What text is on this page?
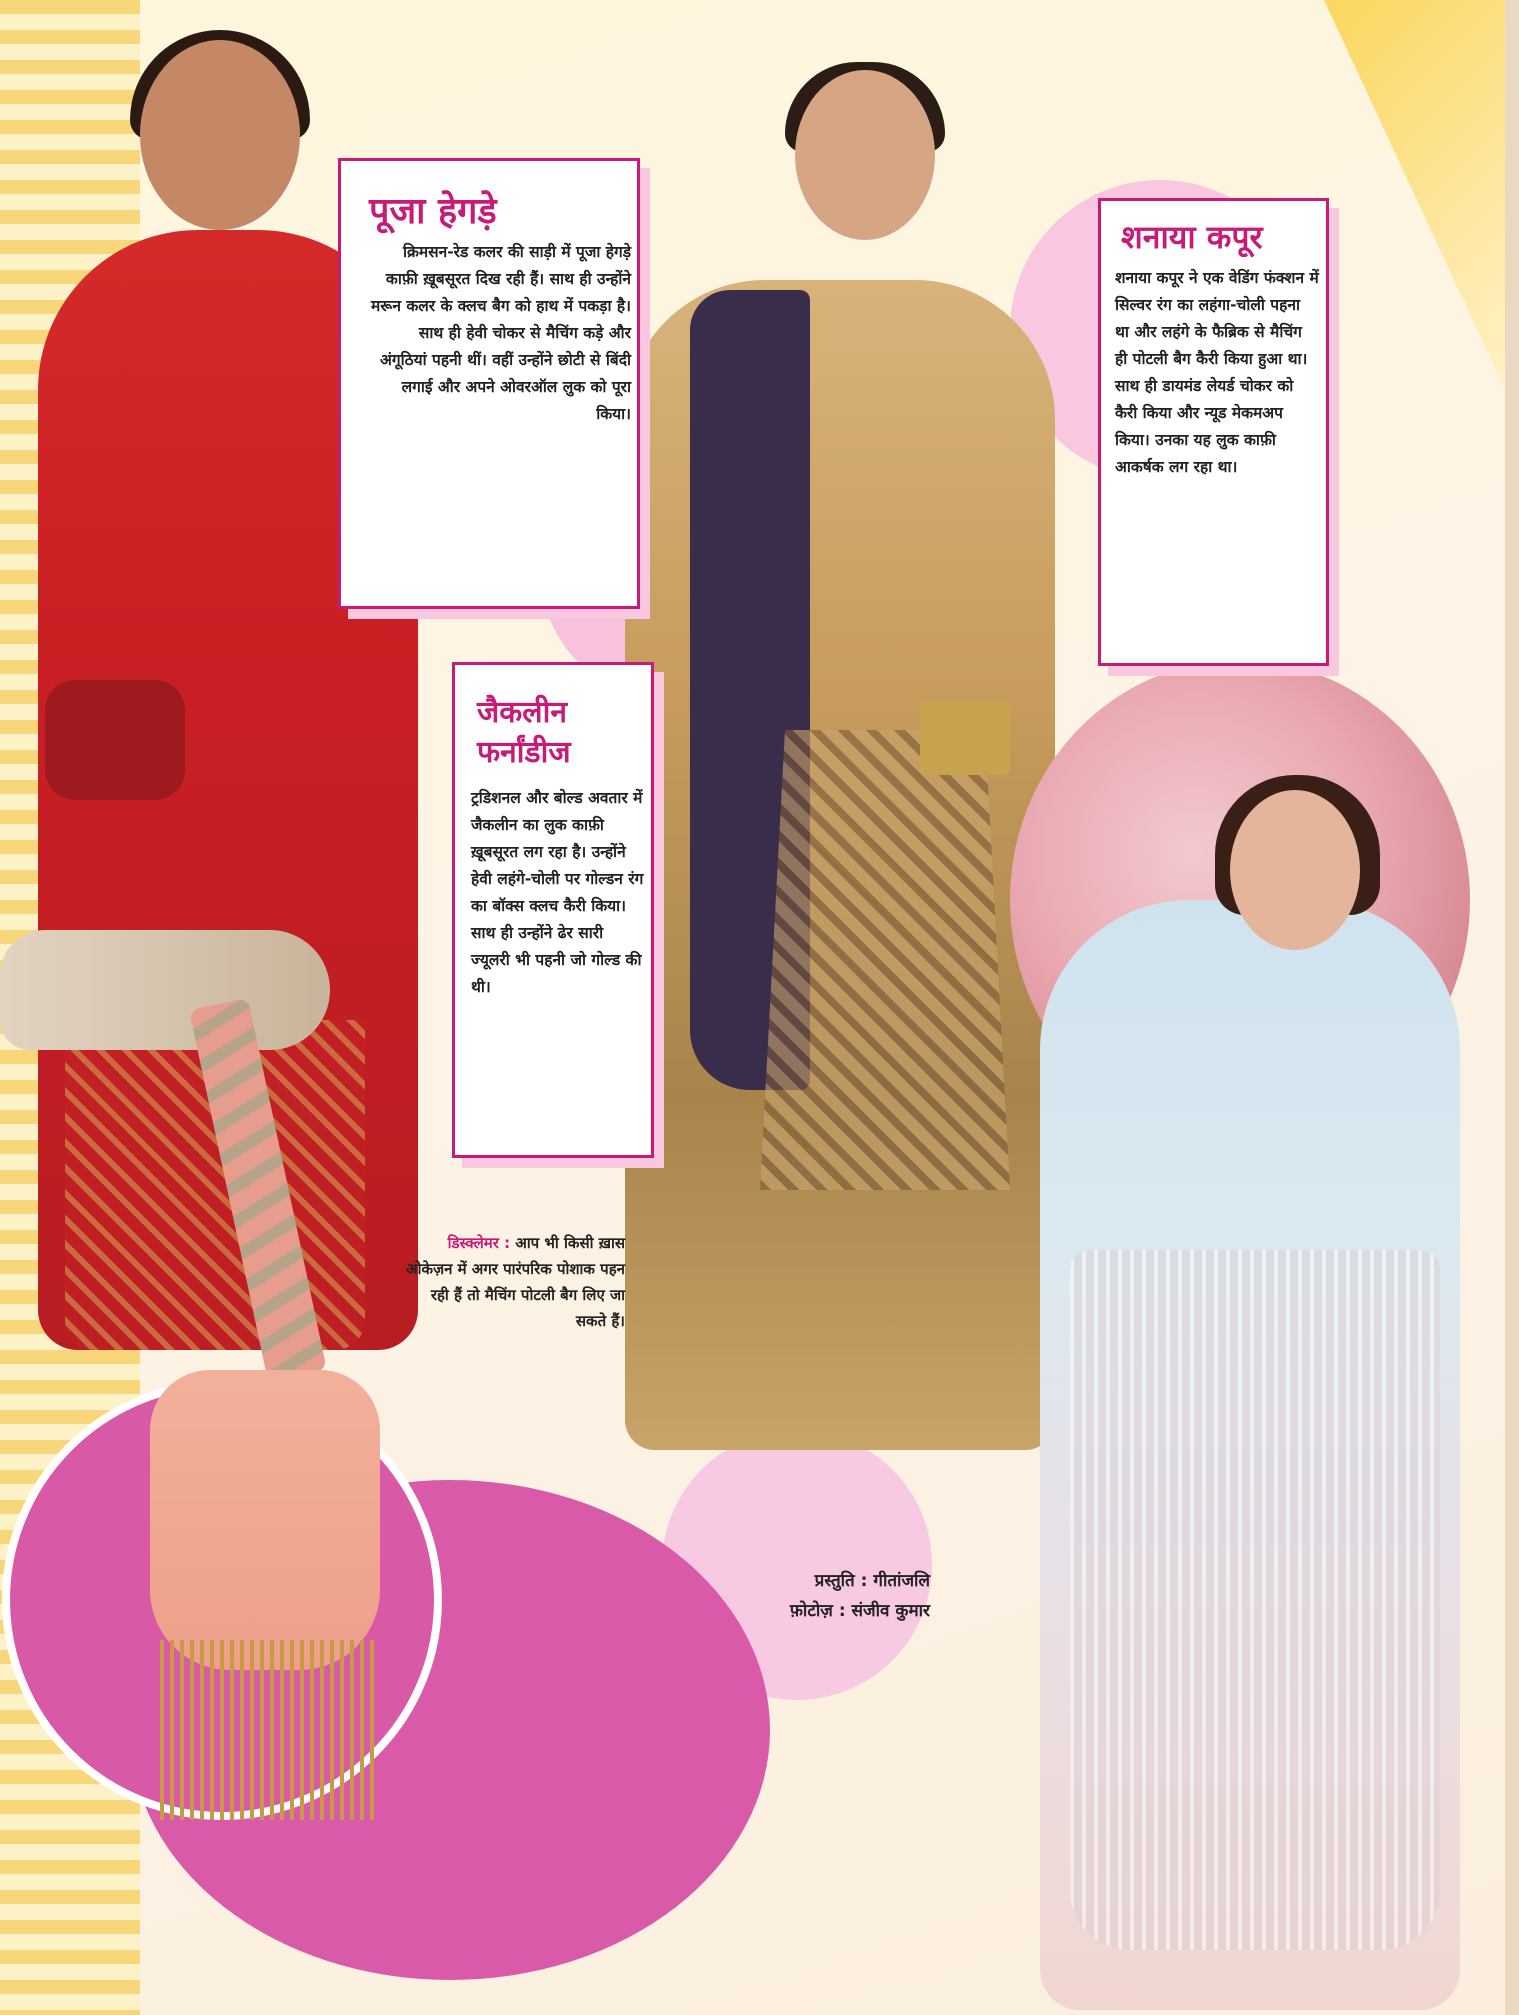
पूजा हेगड़े

क्रिमसन-रेड कलर की साड़ी में पूजा हेगड़े काफ़ी ख़ूबसूरत दिख रही हैं। साथ ही उन्होंने मरून कलर के क्लच बैग को हाथ में पकड़ा है। साथ ही हेवी चोकर से मैचिंग कड़े और अंगूठियां पहनी थीं। वहीं उन्होंने छोटी से बिंदी लगाई और अपने ओवरऑल लुक को पूरा किया।

जैकलीन फर्नांडीज

ट्रडिशनल और बोल्ड अवतार में जैकलीन का लुक काफ़ी ख़ूबसूरत लग रहा है। उन्होंने हेवी लहंगे-चोली पर गोल्डन रंग का बॉक्स क्लच कैरी किया। साथ ही उन्होंने ढेर सारी ज्यूलरी भी पहनी जो गोल्ड की थी।

शनाया कपूर

शनाया कपूर ने एक वेडिंग फंक्शन में सिल्वर रंग का लहंगा-चोली पहना था और लहंगे के फैब्रिक से मैचिंग ही पोटली बैग कैरी किया हुआ था। साथ ही डायमंड लेयर्ड चोकर को कैरी किया और न्यूड मेकमअप किया। उनका यह लुक काफ़ी आकर्षक लग रहा था।

डिस्क्लेमर : आप भी किसी ख़ास ओकेज़न में अगर पारंपरिक पोशाक पहन रही हैं तो मैचिंग पोटली बैग लिए जा सकते हैं।
प्रस्तुति : गीतांजलि
फ़ोटोज़ : संजीव कुमार
